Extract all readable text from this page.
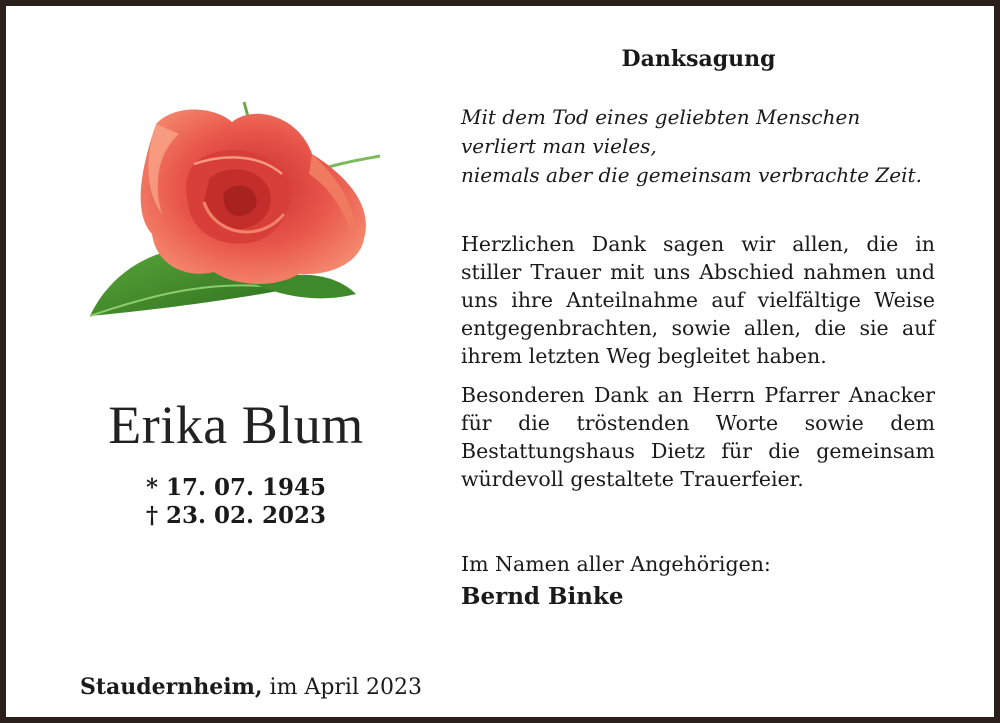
Erika Blum
* 17. 07. 1945
† 23. 02. 2023
Staudernheim, im April 2023
Danksagung
Mit dem Tod eines geliebten Menschen
verliert man vieles,
niemals aber die gemeinsam verbrachte Zeit.
Herzlichen Dank sagen wir allen, die in stiller Trauer mit uns Abschied nahmen und uns ihre Anteilnahme auf vielfältige Weise entgegenbrachten, sowie allen, die sie auf ihrem letzten Weg begleitet haben.
Besonderen Dank an Herrn Pfarrer Anacker für die tröstenden Worte sowie dem Bestattungshaus Dietz für die gemeinsam würdevoll gestaltete Trauerfeier.
Im Namen aller Angehörigen:
Bernd Binke
